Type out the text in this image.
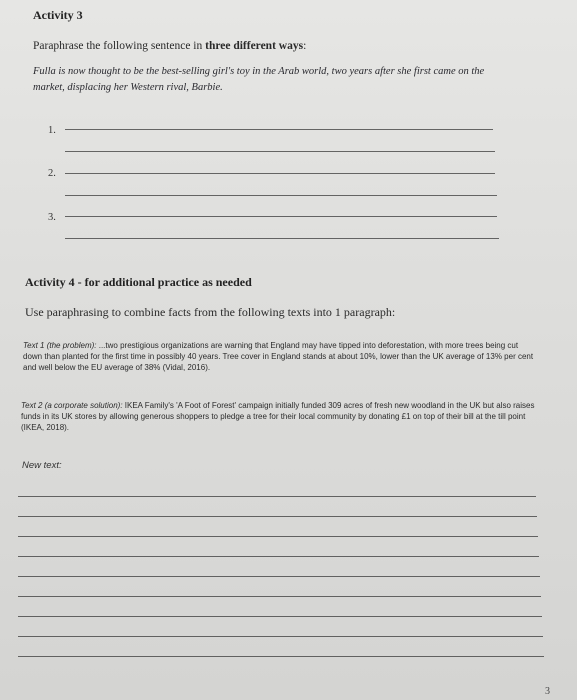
Activity 3
Paraphrase the following sentence in three different ways:
Fulla is now thought to be the best-selling girl's toy in the Arab world, two years after she first came on the market, displacing her Western rival, Barbie.
1.
2.
3.
Activity 4 - for additional practice as needed
Use paraphrasing to combine facts from the following texts into 1 paragraph:
Text 1 (the problem): ...two prestigious organizations are warning that England may have tipped into deforestation, with more trees being cut down than planted for the first time in possibly 40 years. Tree cover in England stands at about 10%, lower than the UK average of 13% per cent and well below the EU average of 38% (Vidal, 2016).
Text 2 (a corporate solution): IKEA Family's 'A Foot of Forest' campaign initially funded 309 acres of fresh new woodland in the UK but also raises funds in its UK stores by allowing generous shoppers to pledge a tree for their local community by donating £1 on top of their bill at the till point (IKEA, 2018).
New text:
3
